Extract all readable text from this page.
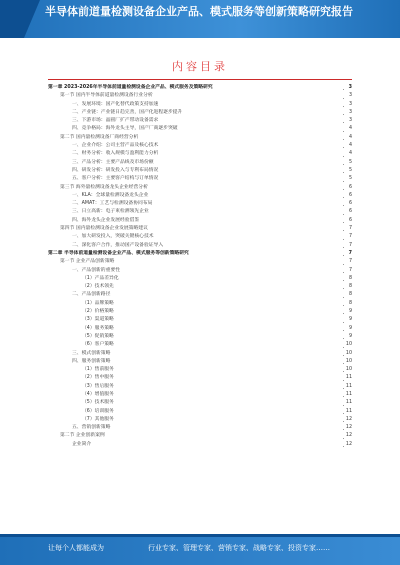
半导体前道量检测设备企业产品、模式服务等创新策略研究报告
内容目录
第一章 2023-2026年半导体前道量检测设备企业产品、模式服务及策略研究	3
第一节 国内半导体前道量检测设备行业分析	3
一、发展环境：国产化替代政策支持加速	3
二、产业链：产业链日趋完善，国产化进程逐步提升	3
三、下游市场：晶圆厂扩产带动设备需求	3
四、竞争格局：海外龙头主导，国产厂商逐步突破	4
第二节 国内量检测设备厂商经营分析	4
一、企业介绍：公司主营产品及核心技术	4
二、财务分析：收入规模与盈利能力分析	4
三、产品分析：主要产品线及市场份额	5
四、研发分析：研发投入与专利布局情况	5
五、客户分析：主要客户结构与订单情况	5
第三节 海外量检测设备龙头企业经营分析	6
一、KLA：全球量检测设备龙头企业	6
二、AMAT：工艺与检测设备协同布局	6
三、日立高新：电子束检测领先企业	6
四、海外龙头企业发展经验借鉴	6
第四节 国内量检测设备企业发展策略建议	7
一、加大研发投入，突破关键核心技术	7
二、深化客户合作，推动国产设备验证导入	7
第二章 半导体前道量检测设备企业产品、模式服务等创新策略研究	7
第一节 企业产品创新策略	7
一、产品创新的重要性	7
（1）产品差异化	8
（2）技术领先	8
二、产品创新路径	8
（1）品牌策略	8
（2）价格策略	9
（3）渠道策略	9
（4）服务策略	9
（5）促销策略	9
（6）客户策略	10
三、模式创新策略	10
四、服务创新策略	10
（1）售前服务	10
（2）售中服务	11
（3）售后服务	11
（4）增值服务	11
（5）技术服务	11
（6）培训服务	11
（7）其他服务	12
五、营销创新策略	12
第二节 企业创新案例	12
企业简介	12
让每个人都能成为	行业专家、管理专家、营销专家、战略专家、投资专家……
